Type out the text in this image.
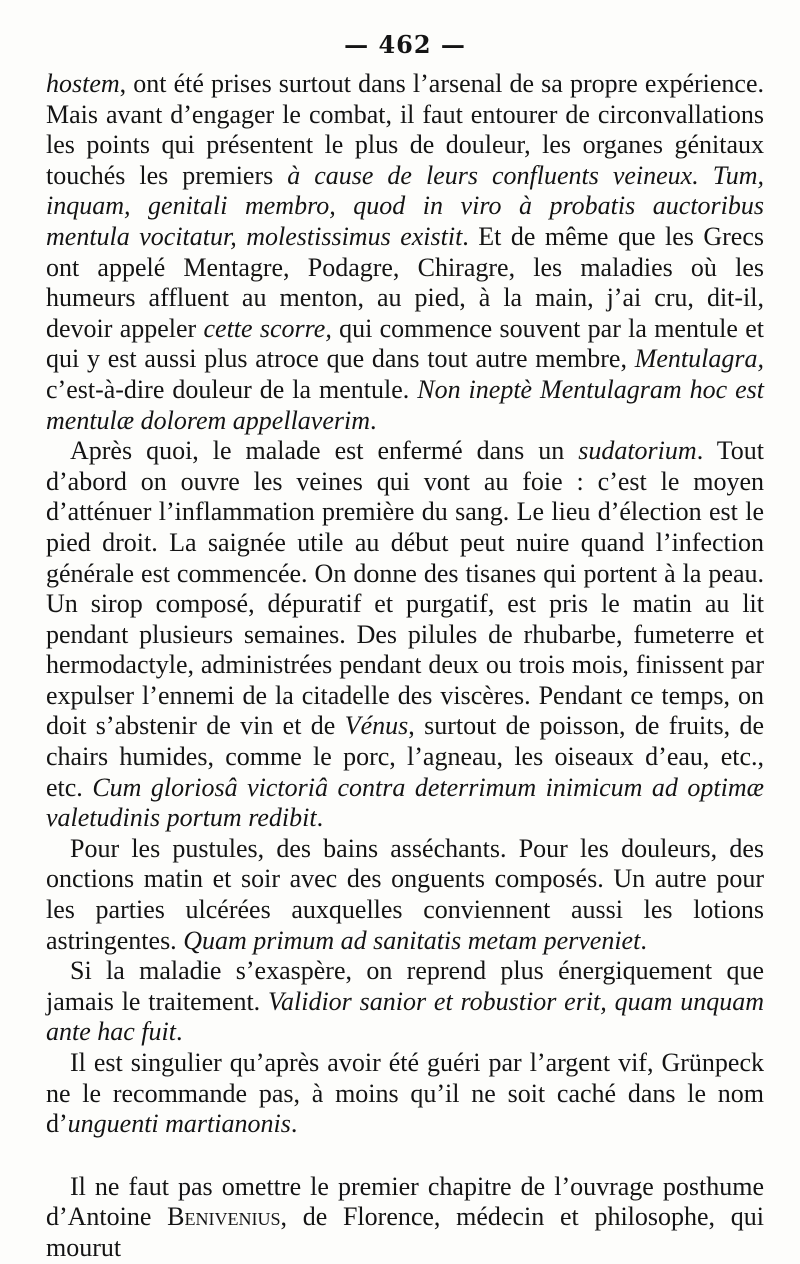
— 462 —

hostem, ont été prises surtout dans l’arsenal de sa propre expérience. Mais avant d’engager le combat, il faut entourer de circonvallations les points qui présentent le plus de douleur, les organes génitaux touchés les premiers à cause de leurs confluents veineux. Tum, inquam, genitali membro, quod in viro à probatis auctoribus mentula vocitatur, molestissimus existit. Et de même que les Grecs ont appelé Mentagre, Podagre, Chiragre, les maladies où les humeurs affluent au menton, au pied, à la main, j’ai cru, dit-il, devoir appeler cette scorre, qui commence souvent par la mentule et qui y est aussi plus atroce que dans tout autre membre, Mentulagra, c’est-à-dire douleur de la mentule. Non ineptè Mentulagram hoc est mentulæ dolorem appellaverim.

Après quoi, le malade est enfermé dans un sudatorium. Tout d’abord on ouvre les veines qui vont au foie : c’est le moyen d’atténuer l’inflammation première du sang. Le lieu d’élection est le pied droit. La saignée utile au début peut nuire quand l’infection générale est commencée. On donne des tisanes qui portent à la peau. Un sirop composé, dépuratif et purgatif, est pris le matin au lit pendant plusieurs semaines. Des pilules de rhubarbe, fumeterre et hermodactyle, administrées pendant deux ou trois mois, finissent par expulser l’ennemi de la citadelle des viscères. Pendant ce temps, on doit s’abstenir de vin et de Vénus, surtout de poisson, de fruits, de chairs humides, comme le porc, l’agneau, les oiseaux d’eau, etc., etc. Cum gloriosâ victoriâ contra deterrimum inimicum ad optimæ valetudinis portum redibit.

Pour les pustules, des bains asséchants. Pour les douleurs, des onctions matin et soir avec des onguents composés. Un autre pour les parties ulcérées auxquelles conviennent aussi les lotions astringentes. Quam primum ad sanitatis metam perveniet.

Si la maladie s’exaspère, on reprend plus énergiquement que jamais le traitement. Validior sanior et robustior erit, quam unquam ante hac fuit.

Il est singulier qu’après avoir été guéri par l’argent vif, Grünpeck ne le recommande pas, à moins qu’il ne soit caché dans le nom d’unguenti martianonis.

Il ne faut pas omettre le premier chapitre de l’ouvrage posthume d’Antoine Benivenius, de Florence, médecin et philosophe, qui mourut
